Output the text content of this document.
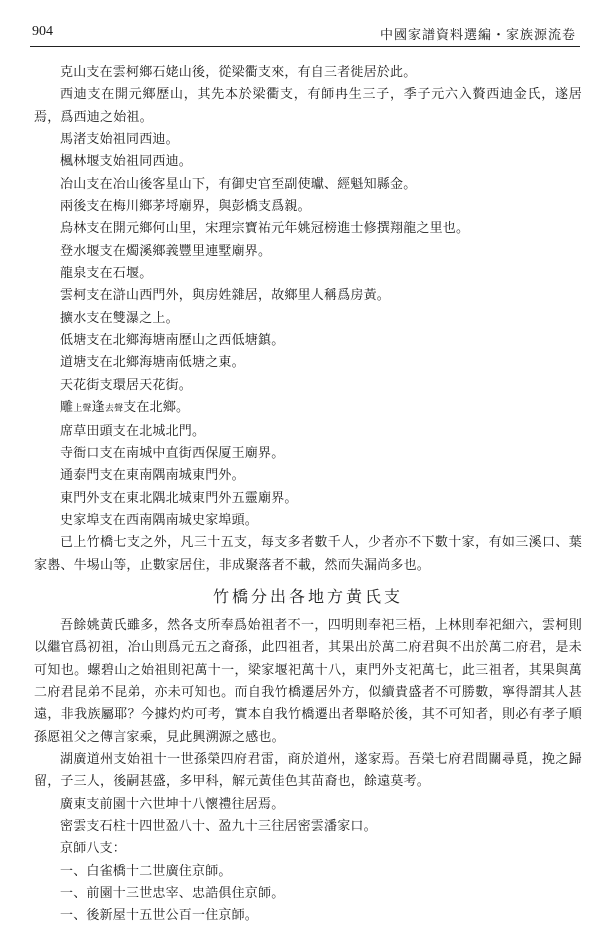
904	中國家譜資料選編・家族源流卷

克山支在雲柯鄉石姥山後，從梁衢支來，有自三者徙居於此。

西迪支在開元鄉歷山，其先本於梁衢支，有師冉生三子，季子元六入贅西迪金氏，遂居焉，爲西迪之始祖。

馬渚支始祖同西迪。

楓林堰支始祖同西迪。

冶山支在冶山後客星山下，有御史官至副使瓛、經魁知縣金。

兩後支在梅川鄉茅埒廟界，與彭橋支爲親。

烏林支在開元鄉何山里，宋理宗寶祐元年姚冠榜進士修撰翔龍之里也。

登水堰支在燭溪鄉義豐里連墅廟界。

龍泉支在石堰。

雲柯支在滸山西門外，與房姓雜居，故鄉里人稱爲房黃。

擴水支在雙瀑之上。

低塘支在北鄉海塘南歷山之西低塘鎮。

道塘支在北鄉海塘南低塘之東。

天花街支環居天花街。

雕上聲逢去聲支在北鄉。

席草田頭支在北城北門。

寺衙口支在南城中直街西保厦王廟界。

通泰門支在東南隅南城東門外。

東門外支在東北隅北城東門外五靈廟界。

史家埠支在西南隅南城史家埠頭。

已上竹橋七支之外，凡三十五支，每支多者數千人，少者亦不下數十家，有如三溪口、葉家嶴、牛埸山等，止數家居住，非成聚落者不載，然而失漏尚多也。

竹橋分出各地方黄氏支

吾餘姚黃氏雖多，然各支所奉爲始祖者不一，四明則奉祀三梧，上林則奉祀細六，雲柯則以繼官爲初祖，冶山則爲元五之裔孫，此四祖者，其果出於萬二府君與不出於萬二府君，是未可知也。螺碧山之始祖則祀萬十一，梁家堰祀萬十八，東門外支祀萬七，此三祖者，其果與萬二府君昆弟不昆弟，亦未可知也。而自我竹橋遷居外方，似續貴盛者不可勝數，寧得謂其人甚遠，非我族屬耶？今據灼灼可考，實本自我竹橋遷出者舉略於後，其不可知者，則必有孝子順孫愿祖父之傳言家乘，見此興溯源之感也。

湖廣道州支始祖十一世孫榮四府君雷，商於道州，遂家焉。吾榮七府君間關尋覓，挽之歸留，子三人，後嗣甚盛，多甲科，解元黃佳色其苗裔也，餘遠莫考。

廣東支前園十六世坤十八懷禮往居焉。

密雲支石柱十四世盈八十、盈九十三往居密雲潘家口。

京師八支：

一、白雀橋十二世廣住京師。

一、前園十三世忠宰、忠誥俱住京師。

一、後新屋十五世公百一住京師。
